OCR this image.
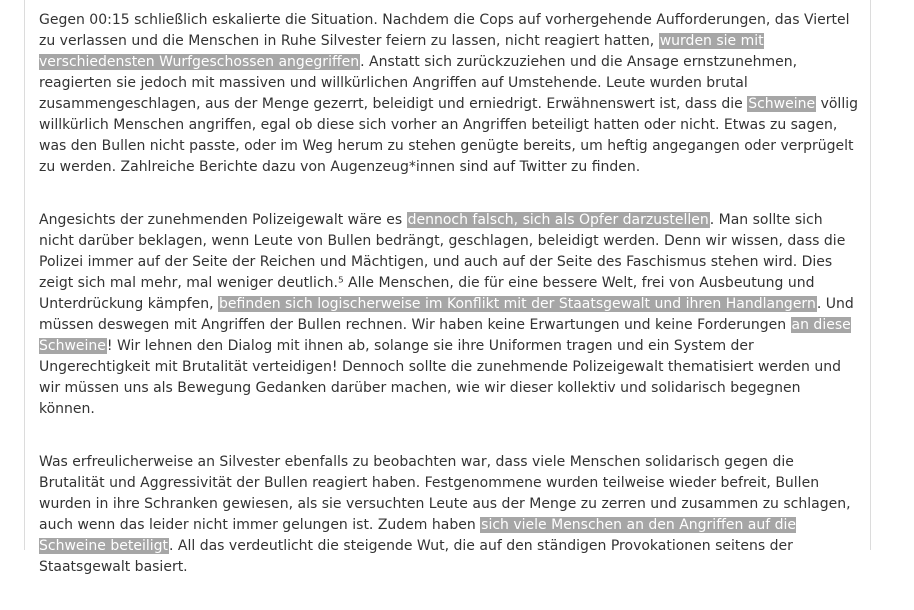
Gegen 00:15 schließlich eskalierte die Situation. Nachdem die Cops auf vorhergehende Aufforderungen, das Viertel zu verlassen und die Menschen in Ruhe Silvester feiern zu lassen, nicht reagiert hatten, wurden sie mit verschiedensten Wurfgeschossen angegriffen. Anstatt sich zurückzuziehen und die Ansage ernstzunehmen, reagierten sie jedoch mit massiven und willkürlichen Angriffen auf Umstehende. Leute wurden brutal zusammengeschlagen, aus der Menge gezerrt, beleidigt und erniedrigt. Erwähnenswert ist, dass die Schweine völlig willkürlich Menschen angriffen, egal ob diese sich vorher an Angriffen beteiligt hatten oder nicht. Etwas zu sagen, was den Bullen nicht passte, oder im Weg herum zu stehen genügte bereits, um heftig angegangen oder verprügelt zu werden. Zahlreiche Berichte dazu von Augenzeug*innen sind auf Twitter zu finden.

Angesichts der zunehmenden Polizeigewalt wäre es dennoch falsch, sich als Opfer darzustellen. Man sollte sich nicht darüber beklagen, wenn Leute von Bullen bedrängt, geschlagen, beleidigt werden. Denn wir wissen, dass die Polizei immer auf der Seite der Reichen und Mächtigen, und auch auf der Seite des Faschismus stehen wird. Dies zeigt sich mal mehr, mal weniger deutlich.⁵ Alle Menschen, die für eine bessere Welt, frei von Ausbeutung und Unterdrückung kämpfen, befinden sich logischerweise im Konflikt mit der Staatsgewalt und ihren Handlangern. Und müssen deswegen mit Angriffen der Bullen rechnen. Wir haben keine Erwartungen und keine Forderungen an diese Schweine! Wir lehnen den Dialog mit ihnen ab, solange sie ihre Uniformen tragen und ein System der Ungerechtigkeit mit Brutalität verteidigen! Dennoch sollte die zunehmende Polizeigewalt thematisiert werden und wir müssen uns als Bewegung Gedanken darüber machen, wie wir dieser kollektiv und solidarisch begegnen können.

Was erfreulicherweise an Silvester ebenfalls zu beobachten war, dass viele Menschen solidarisch gegen die Brutalität und Aggressivität der Bullen reagiert haben. Festgenommene wurden teilweise wieder befreit, Bullen wurden in ihre Schranken gewiesen, als sie versuchten Leute aus der Menge zu zerren und zusammen zu schlagen, auch wenn das leider nicht immer gelungen ist. Zudem haben sich viele Menschen an den Angriffen auf die Schweine beteiligt. All das verdeutlicht die steigende Wut, die auf den ständigen Provokationen seitens der Staatsgewalt basiert.
